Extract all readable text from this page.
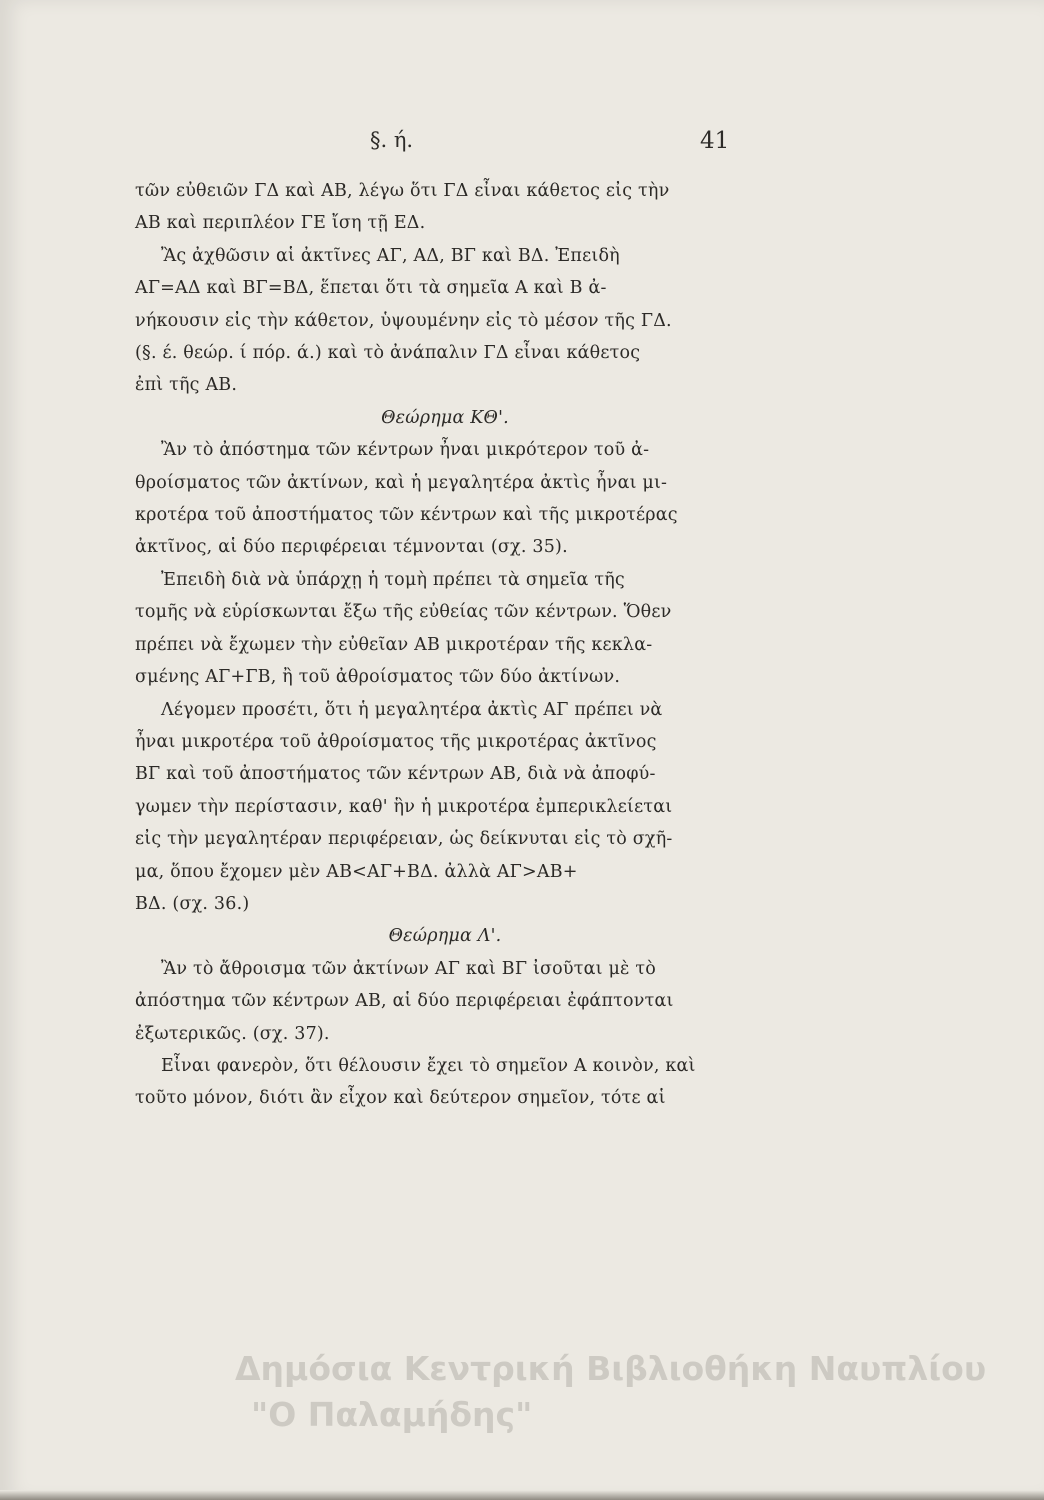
§. ή.	41
τῶν εὐθειῶν ΓΔ καὶ ΑΒ, λέγω ὅτι ΓΔ εἶναι κάθετος εἰς τὴν
ΑΒ καὶ περιπλέον ΓΕ ἴση τῇ ΕΔ.
Ἂς ἀχθῶσιν αἱ ἀκτῖνες ΑΓ, ΑΔ, ΒΓ καὶ ΒΔ. Ἐπειδὴ
ΑΓ=ΑΔ καὶ ΒΓ=ΒΔ, ἕπεται ὅτι τὰ σημεῖα Α καὶ Β ἀ-
νήκουσιν εἰς τὴν κάθετον, ὑψουμένην εἰς τὸ μέσον τῆς ΓΔ.
(§. έ. θεώρ. ί πόρ. ά.) καὶ τὸ ἀνάπαλιν ΓΔ εἶναι κάθετος
ἐπὶ τῆς ΑΒ.
Θεώρημα ΚΘ'.
Ἂν τὸ ἀπόστημα τῶν κέντρων ἦναι μικρότερον τοῦ ἀ-
θροίσματος τῶν ἀκτίνων, καὶ ἡ μεγαλητέρα ἀκτὶς ἦναι μι-
κροτέρα τοῦ ἀποστήματος τῶν κέντρων καὶ τῆς μικροτέρας
ἀκτῖνος, αἱ δύο περιφέρειαι τέμνονται (σχ. 35).
Ἐπειδὴ διὰ νὰ ὑπάρχῃ ἡ τομὴ πρέπει τὰ σημεῖα τῆς
τομῆς νὰ εὑρίσκωνται ἔξω τῆς εὐθείας τῶν κέντρων. Ὅθεν
πρέπει νὰ ἔχωμεν τὴν εὐθεῖαν ΑΒ μικροτέραν τῆς κεκλα-
σμένης ΑΓ+ΓΒ, ἢ τοῦ ἀθροίσματος τῶν δύο ἀκτίνων.
Λέγομεν προσέτι, ὅτι ἡ μεγαλητέρα ἀκτὶς ΑΓ πρέπει νὰ
ἦναι μικροτέρα τοῦ ἀθροίσματος τῆς μικροτέρας ἀκτῖνος
ΒΓ καὶ τοῦ ἀποστήματος τῶν κέντρων ΑΒ, διὰ νὰ ἀποφύ-
γωμεν τὴν περίστασιν, καθ' ἣν ἡ μικροτέρα ἐμπερικλείεται
εἰς τὴν μεγαλητέραν περιφέρειαν, ὡς δείκνυται εἰς τὸ σχῆ-
μα, ὅπου ἔχομεν μὲν ΑΒ<ΑΓ+ΒΔ. ἀλλὰ ΑΓ>ΑΒ+
ΒΔ. (σχ. 36.)
Θεώρημα Λ'.
Ἂν τὸ ἄθροισμα τῶν ἀκτίνων ΑΓ καὶ ΒΓ ἰσοῦται μὲ τὸ
ἀπόστημα τῶν κέντρων ΑΒ, αἱ δύο περιφέρειαι ἐφάπτονται
ἐξωτερικῶς. (σχ. 37).
Εἶναι φανερὸν, ὅτι θέλουσιν ἔχει τὸ σημεῖον Α κοινὸν, καὶ
τοῦτο μόνον, διότι ἂν εἶχον καὶ δεύτερον σημεῖον, τότε αἱ
Δημόσια Κεντρική Βιβλιοθήκη Ναυπλίου
"Ο Παλαμήδης"
